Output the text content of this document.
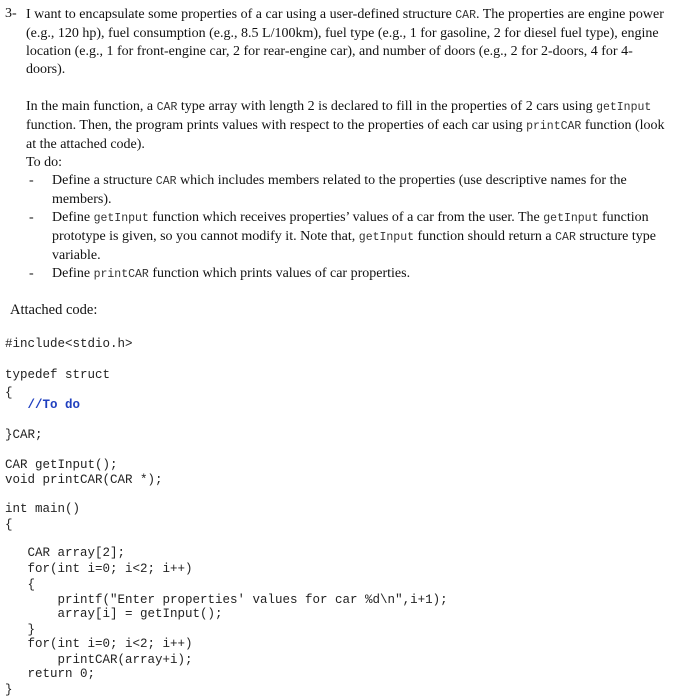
3- I want to encapsulate some properties of a car using a user-defined structure CAR. The properties are engine power (e.g., 120 hp), fuel consumption (e.g., 8.5 L/100km), fuel type (e.g., 1 for gasoline, 2 for diesel fuel type), engine location (e.g., 1 for front-engine car, 2 for rear-engine car), and number of doors (e.g., 2 for 2-doors, 4 for 4-doors).
In the main function, a CAR type array with length 2 is declared to fill in the properties of 2 cars using getInput function. Then, the program prints values with respect to the properties of each car using printCAR function (look at the attached code).
To do:
- Define a structure CAR which includes members related to the properties (use descriptive names for the members).
- Define getInput function which receives properties’ values of a car from the user. The getInput function prototype is given, so you cannot modify it. Note that, getInput function should return a CAR structure type variable.
- Define printCAR function which prints values of car properties.
Attached code:
#include<stdio.h>
typedef struct
{
//To do
}CAR;
CAR getInput();
void printCAR(CAR *);
int main()
{
CAR array[2];
for(int i=0; i<2; i++)
{
printf("Enter properties' values for car %d\n",i+1);
array[i] = getInput();
}
for(int i=0; i<2; i++)
printCAR(array+i);
return 0;
}
